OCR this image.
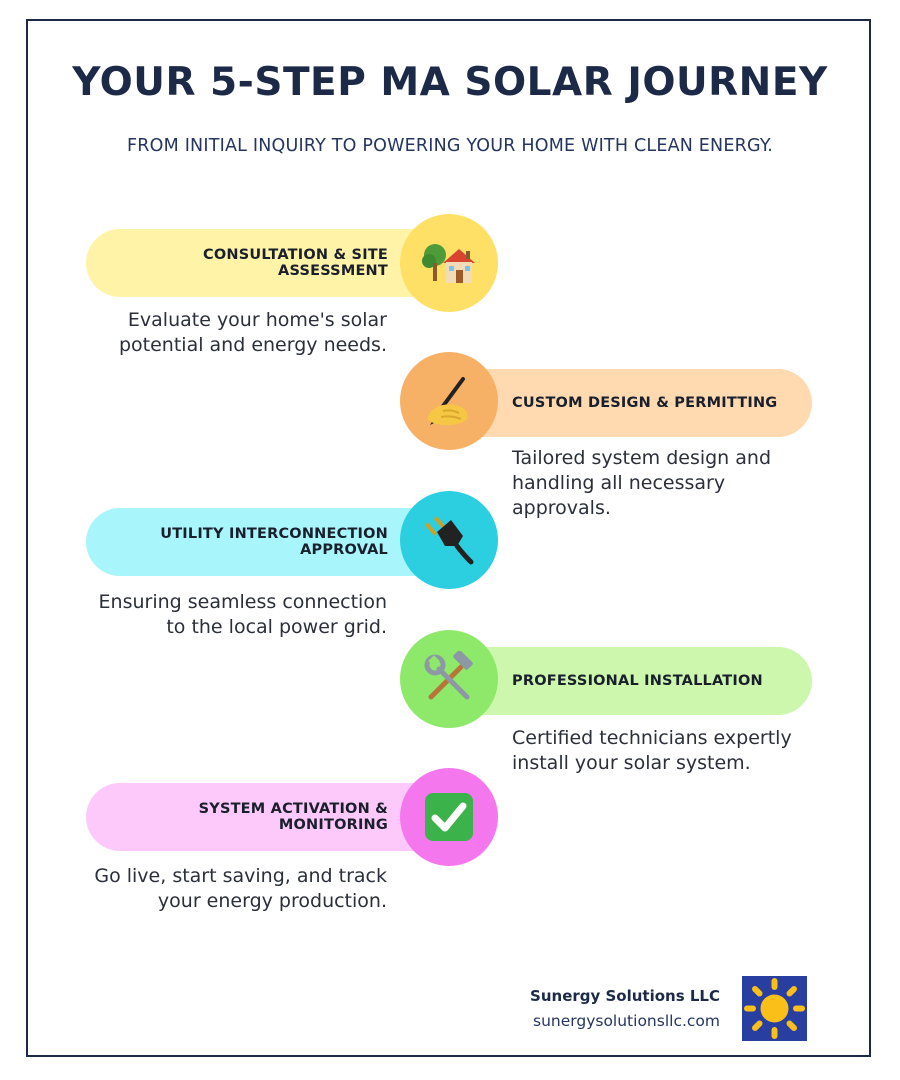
YOUR 5-STEP MA SOLAR JOURNEY
FROM INITIAL INQUIRY TO POWERING YOUR HOME WITH CLEAN ENERGY.
CONSULTATION & SITE ASSESSMENT
Evaluate your home's solar potential and energy needs.
CUSTOM DESIGN & PERMITTING
Tailored system design and handling all necessary approvals.
UTILITY INTERCONNECTION APPROVAL
Ensuring seamless connection to the local power grid.
PROFESSIONAL INSTALLATION
Certified technicians expertly install your solar system.
SYSTEM ACTIVATION & MONITORING
Go live, start saving, and track your energy production.
Sunergy Solutions LLC
sunergysolutionsllc.com
